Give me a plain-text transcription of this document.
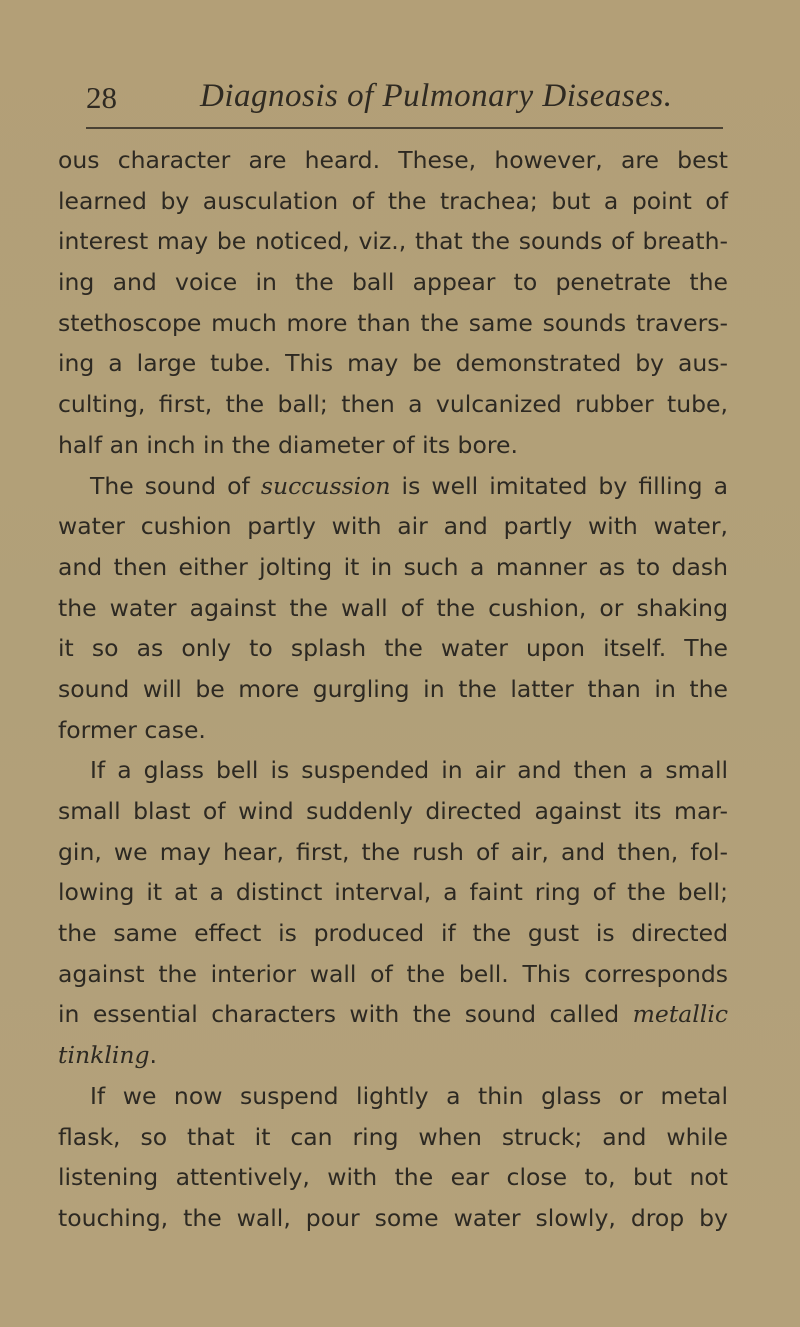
28	Diagnosis of Pulmonary Diseases.
ous character are heard. These, however, are best
learned by ausculation of the trachea; but a point of
interest may be noticed, viz., that the sounds of breath-
ing and voice in the ball appear to penetrate the
stethoscope much more than the same sounds travers-
ing a large tube. This may be demonstrated by aus-
culting, first, the ball; then a vulcanized rubber tube,
half an inch in the diameter of its bore.
The sound of succussion is well imitated by filling a
water cushion partly with air and partly with water,
and then either jolting it in such a manner as to dash
the water against the wall of the cushion, or shaking
it so as only to splash the water upon itself. The
sound will be more gurgling in the latter than in the
former case.
If a glass bell is suspended in air and then a small
small blast of wind suddenly directed against its mar-
gin, we may hear, first, the rush of air, and then, fol-
lowing it at a distinct interval, a faint ring of the bell;
the same effect is produced if the gust is directed
against the interior wall of the bell. This corresponds
in essential characters with the sound called metallic
tinkling.
If we now suspend lightly a thin glass or metal
flask, so that it can ring when struck; and while
listening attentively, with the ear close to, but not
touching, the wall, pour some water slowly, drop by
